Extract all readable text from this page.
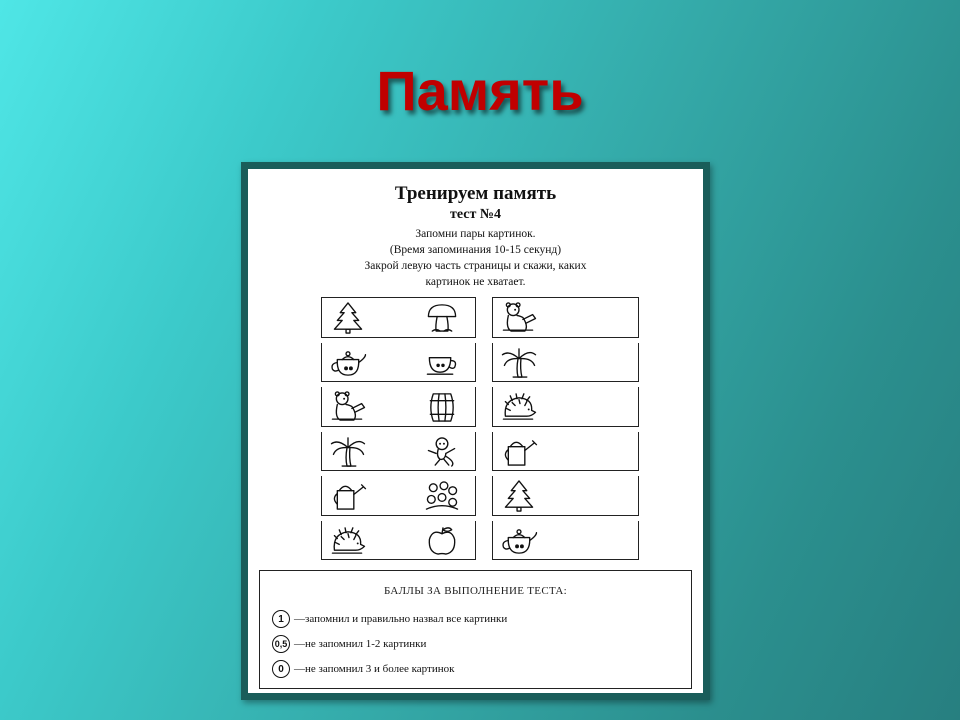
Память
Тренируем память
тест №4
Запомни пары картинок.
(Время запоминания 10-15 секунд)
Закрой левую часть страницы и скажи, каких
картинок не хватает.
БАЛЛЫ ЗА ВЫПОЛНЕНИЕ ТЕСТА:
1 —запомнил и правильно назвал все картинки
0,5 —не запомнил 1-2 картинки
0 —не запомнил 3 и более картинок
